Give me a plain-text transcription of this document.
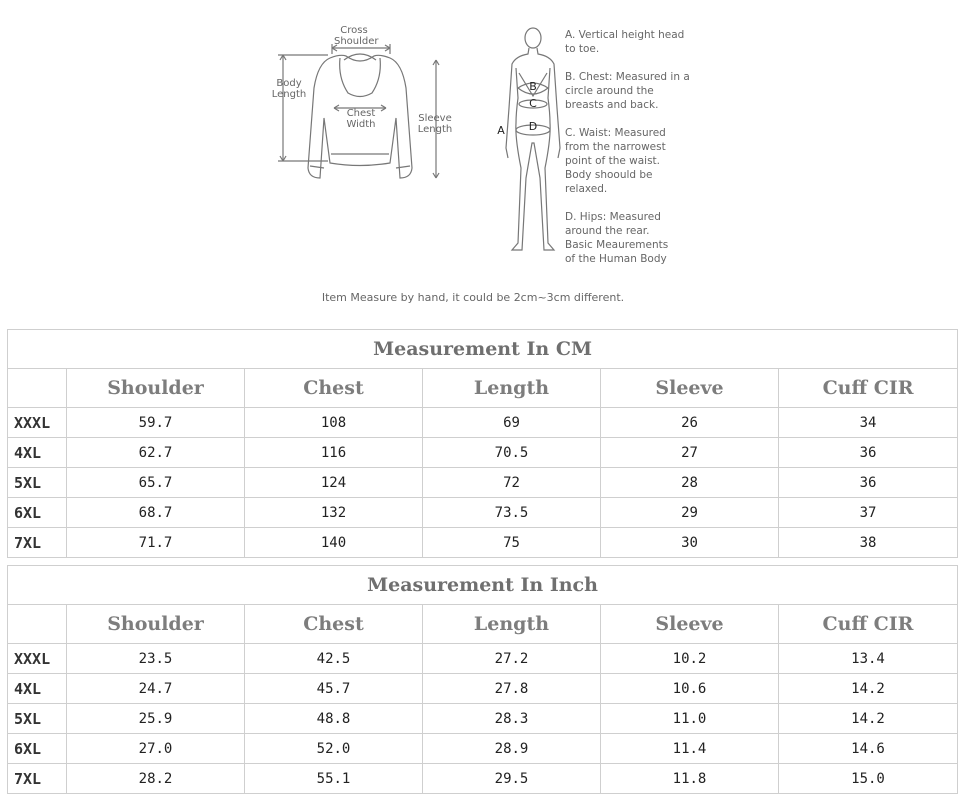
Cross
Shoulder
Body
Length
Chest
Width
Sleeve
Length	A
B
C
D
A. Vertical height head
to toe.
B. Chest: Measured in a
circle around the
breasts and back.
C. Waist: Measured
from the narrowest
point of the waist.
Body shoould be
relaxed.
D. Hips: Measured
around the rear.
Basic Meaurements
of the Human Body
Item Measure by hand, it could be 2cm~3cm different.
Measurement In CM					
	Shoulder	Chest	Length	Sleeve	Cuff CIR
XXXL	59.7	108	69	26	34
4XL	62.7	116	70.5	27	36
5XL	65.7	124	72	28	36
6XL	68.7	132	73.5	29	37
7XL	71.7	140	75	30	38
Measurement In Inch					
	Shoulder	Chest	Length	Sleeve	Cuff CIR
XXXL	23.5	42.5	27.2	10.2	13.4
4XL	24.7	45.7	27.8	10.6	14.2
5XL	25.9	48.8	28.3	11.0	14.2
6XL	27.0	52.0	28.9	11.4	14.6
7XL	28.2	55.1	29.5	11.8	15.0
